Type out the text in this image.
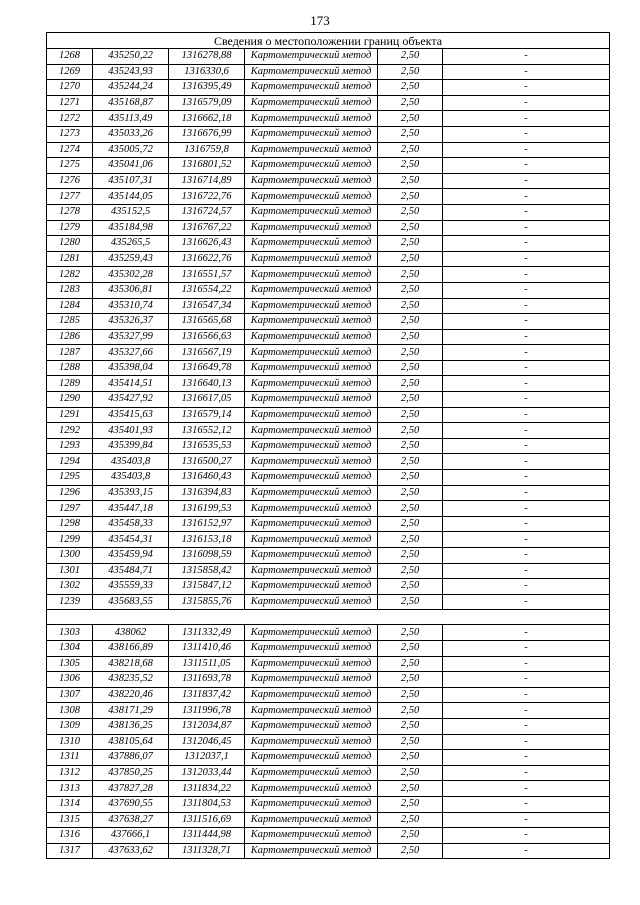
173
Сведения о местоположении границ объекта					
1268	435250,22	1316278,88	Картометрический метод	2,50	-
1269	435243,93	1316330,6	Картометрический метод	2,50	-
1270	435244,24	1316395,49	Картометрический метод	2,50	-
1271	435168,87	1316579,09	Картометрический метод	2,50	-
1272	435113,49	1316662,18	Картометрический метод	2,50	-
1273	435033,26	1316676,99	Картометрический метод	2,50	-
1274	435005,72	1316759,8	Картометрический метод	2,50	-
1275	435041,06	1316801,52	Картометрический метод	2,50	-
1276	435107,31	1316714,89	Картометрический метод	2,50	-
1277	435144,05	1316722,76	Картометрический метод	2,50	-
1278	435152,5	1316724,57	Картометрический метод	2,50	-
1279	435184,98	1316767,22	Картометрический метод	2,50	-
1280	435265,5	1316626,43	Картометрический метод	2,50	-
1281	435259,43	1316622,76	Картометрический метод	2,50	-
1282	435302,28	1316551,57	Картометрический метод	2,50	-
1283	435306,81	1316554,22	Картометрический метод	2,50	-
1284	435310,74	1316547,34	Картометрический метод	2,50	-
1285	435326,37	1316565,68	Картометрический метод	2,50	-
1286	435327,99	1316566,63	Картометрический метод	2,50	-
1287	435327,66	1316567,19	Картометрический метод	2,50	-
1288	435398,04	1316649,78	Картометрический метод	2,50	-
1289	435414,51	1316640,13	Картометрический метод	2,50	-
1290	435427,92	1316617,05	Картометрический метод	2,50	-
1291	435415,63	1316579,14	Картометрический метод	2,50	-
1292	435401,93	1316552,12	Картометрический метод	2,50	-
1293	435399,84	1316535,53	Картометрический метод	2,50	-
1294	435403,8	1316500,27	Картометрический метод	2,50	-
1295	435403,8	1316460,43	Картометрический метод	2,50	-
1296	435393,15	1316394,83	Картометрический метод	2,50	-
1297	435447,18	1316199,53	Картометрический метод	2,50	-
1298	435458,33	1316152,97	Картометрический метод	2,50	-
1299	435454,31	1316153,18	Картометрический метод	2,50	-
1300	435459,94	1316098,59	Картометрический метод	2,50	-
1301	435484,71	1315858,42	Картометрический метод	2,50	-
1302	435559,33	1315847,12	Картометрический метод	2,50	-
1239	435683,55	1315855,76	Картометрический метод	2,50	-

1303	438062	1311332,49	Картометрический метод	2,50	-
1304	438166,89	1311410,46	Картометрический метод	2,50	-
1305	438218,68	1311511,05	Картометрический метод	2,50	-
1306	438235,52	1311693,78	Картометрический метод	2,50	-
1307	438220,46	1311837,42	Картометрический метод	2,50	-
1308	438171,29	1311996,78	Картометрический метод	2,50	-
1309	438136,25	1312034,87	Картометрический метод	2,50	-
1310	438105,64	1312046,45	Картометрический метод	2,50	-
1311	437886,07	1312037,1	Картометрический метод	2,50	-
1312	437850,25	1312033,44	Картометрический метод	2,50	-
1313	437827,28	1311834,22	Картометрический метод	2,50	-
1314	437690,55	1311804,53	Картометрический метод	2,50	-
1315	437638,27	1311516,69	Картометрический метод	2,50	-
1316	437666,1	1311444,98	Картометрический метод	2,50	-
1317	437633,62	1311328,71	Картометрический метод	2,50	-
